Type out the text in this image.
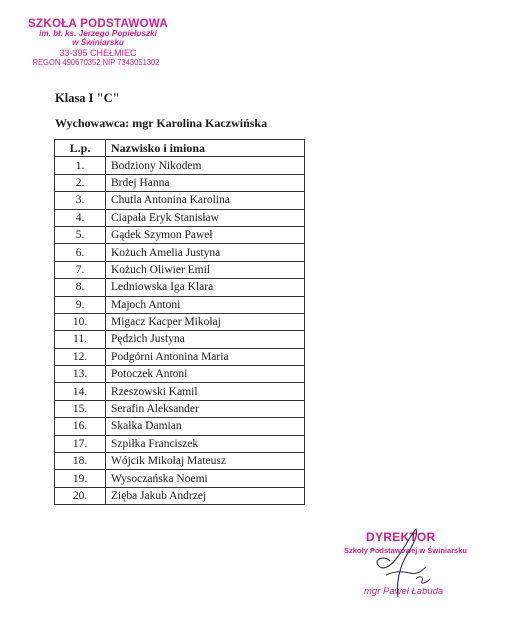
SZKOŁA PODSTAWOWA
im. bł. ks. Jerzego Popiełuszki
w Świniarsku
33-395 CHEŁMIEC
REGON 490670352 NIP 7343051302
Klasa I "C"
Wychowawca: mgr Karolina Kaczwińska
L.p.	Nazwisko i imiona
1.	Bodziony Nikodem
2.	Brdej Hanna
3.	Chutla Antonina Karolina
4.	Ciapała Eryk Stanisław
5.	Gądek Szymon Paweł
6.	Kożuch Amelia Justyna
7.	Kożuch Oliwier Emil
8.	Ledniowska Iga Klara
9.	Majoch Antoni
10.	Migacz Kacper Mikołaj
11.	Pędzich Justyna
12.	Podgórni Antonina Maria
13.	Potoczek Antoni
14.	Rzeszowski Kamil
15.	Serafin Aleksander
16.	Skałka Damian
17.	Szpiłka Franciszek
18.	Wójcik Mikołaj Mateusz
19.	Wysoczańska Noemi
20.	Zięba Jakub Andrzej
DYREKTOR
Szkoły Podstawowej w Świniarsku
mgr Paweł Łabuda
